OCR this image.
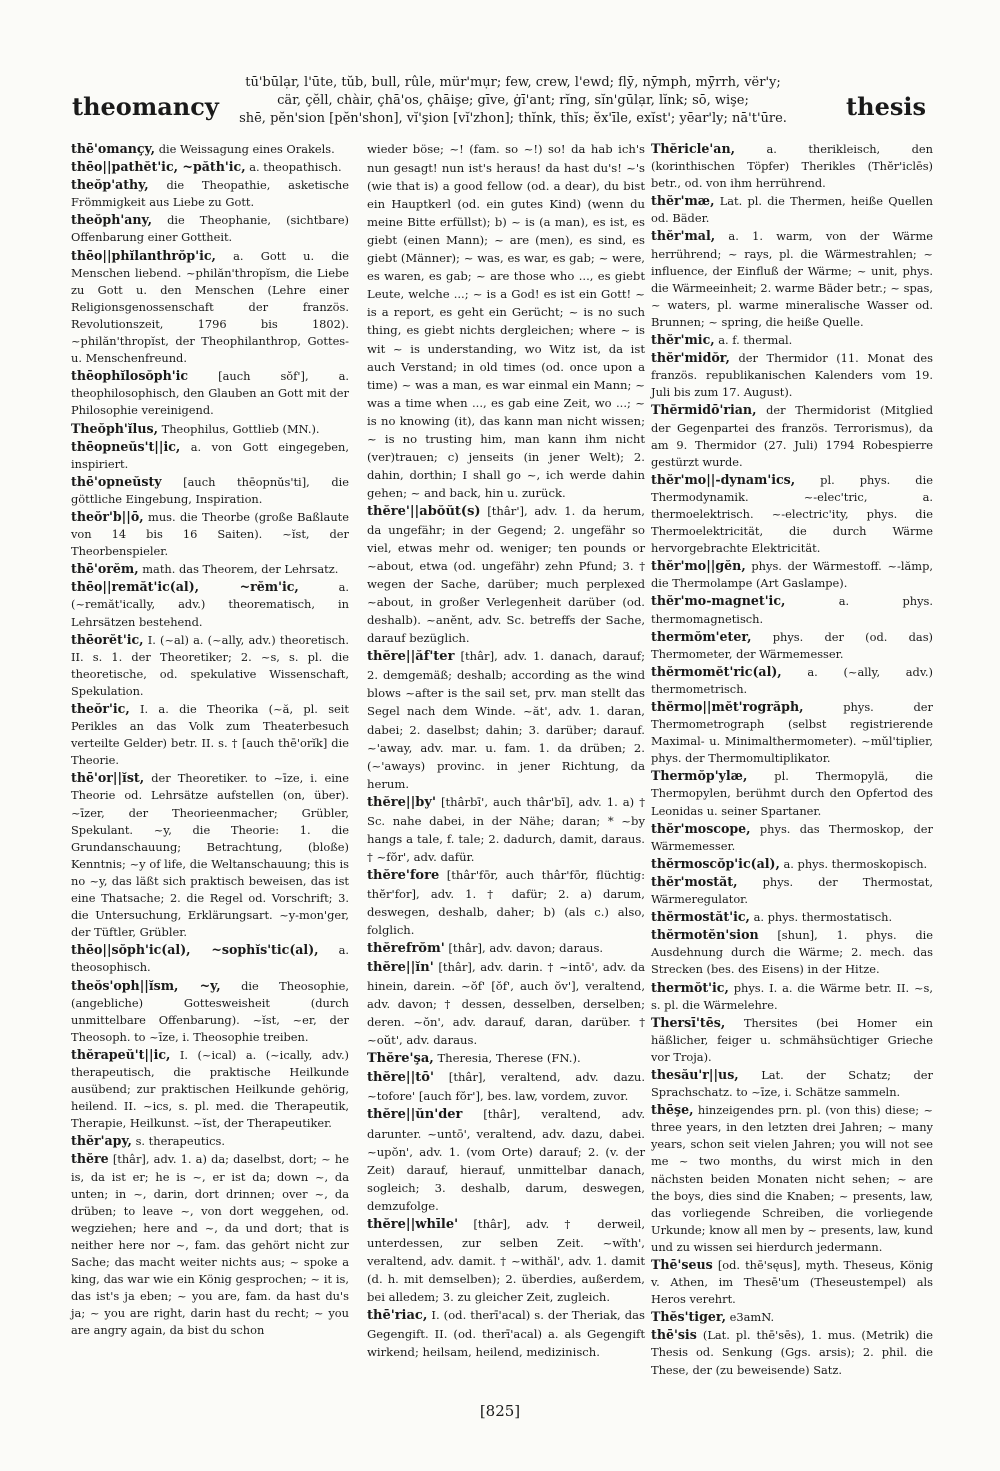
theomancy
tū'būlạr, l'ūte, tŭb, bull, rûle, mür'mụr; few, crew, l'ewd; flȳ, nȳmph, mȳ̈rrh, vër'y;
cär, çĕll, chàir, çhā'os, çhāişe; gīve, ġī'ant; rĭng, sĭn'gūlạr, lĭnk; sō, wişe;
shē, pĕn'sion [pĕn'shon], vĭ'şion [vĭ'zhon]; thĭnk, thĭs; ĕx'īle, exĭst'; yēar'ly; nā't'ūre.	thesis

thē'omançy, die Weissagung eines Orakels.

thēo||pathĕt'ic, ~păth'ic, a. theopathisch.

theŏp'athy, die Theopathie, asketische Frömmigkeit aus Liebe zu Gott.

theŏph'any, die Theophanie, (sichtbare) Offenbarung einer Gottheit.

thēo||phĭlanthrŏp'ic, a. Gott u. die Menschen liebend. ~philăn'thropĭsm, die Liebe zu Gott u. den Menschen (Lehre einer Religionsgenossenschaft der französ. Revolutionszeit, 1796 bis 1802). ~philăn'thropĭst, der Theophilanthrop, Gottes- u. Menschenfreund.

thēophĭlosŏph'ic	[auch sŏf'], a. theophilosophisch, den Glauben an Gott mit der Philosophie vereinigend.

Theŏph'ĭlus, Theophilus, Gottlieb (MN.).

thēopneŭs't||ic, a. von Gott eingegeben, inspiriert.

thē'opneŭsty [auch thēopnŭs'ti], die göttliche Eingebung, Inspiration.

theŏr'b||ō, mus. die Theorbe (große Baßlaute von 14 bis 16 Saiten). ~ĭst, der Theorbenspieler.

thē'orĕm, math. das Theorem, der Lehrsatz.

thēo||remăt'ic(al), ~rĕm'ic,	a. (~remăt'ically, adv.) theorematisch, in Lehrsätzen bestehend.

thēorĕt'ic, I. (~al) a. (~ally, adv.) theoretisch. II. s. 1. der Theoretiker; 2. ~s, s. pl. die theoretische, od. spekulative Wissenschaft, Spekulation.

theŏr'ic, I. a. die Theorika (~ă, pl. seit Perikles an das Volk zum Theaterbesuch verteilte Gelder) betr. II. s. † [auch thē'orĭk] die Theorie.

thē'or||ĭst, der Theoretiker. to ~īze, i. eine Theorie od. Lehrsätze aufstellen (on, über). ~īzer, der Theorieenmacher; Grübler, Spekulant. ~y, die Theorie: 1. die Grundanschauung; Betrachtung, (bloße) Kenntnis; ~y of life, die Weltanschauung; this is no ~y, das läßt sich praktisch beweisen, das ist eine Thatsache; 2. die Regel od. Vorschrift; 3. die Untersuchung, Erklärungsart. ~y-mon'ger, der Tüftler, Grübler.

thēo||sŏph'ic(al), ~sophĭs'tic(al), a. theosophisch.

theŏs'oph||ĭsm, ~y, die Theosophie, (angebliche) Gottesweisheit (durch unmittelbare Offenbarung). ~ĭst, ~er, der Theosoph. to ~īze, i. Theosophie treiben.

thĕrapeŭ't||ic, I. (~ical) a. (~ically, adv.) therapeutisch, die praktische Heilkunde ausübend; zur praktischen Heilkunde gehörig, heilend. II. ~ics, s. pl. med. die Therapeutik, Therapie, Heilkunst. ~ĭst, der Therapeutiker.

thĕr'apy, s. therapeutics.

thĕre [thâr], adv. 1. a) da; daselbst, dort; ~ he is, da ist er; he is ~, er ist da; down ~, da unten; in ~, darin, dort drinnen; over ~, da drüben; to leave ~, von dort weggehen, od. wegziehen; here and ~, da und dort; that is neither here nor ~, fam. das gehört nicht zur Sache; das macht weiter nichts aus; ~ spoke a king, das war wie ein König gesprochen; ~ it is, das ist's ja eben; ~ you are, fam. da hast du's ja; ~ you are right, darin hast du recht; ~ you are angry again, da bist du schon

wieder böse; ~! (fam. so ~!) so! da hab ich's nun gesagt! nun ist's heraus! da hast du's! ~'s (wie that is) a good fellow (od. a dear), du bist ein Hauptkerl (od. ein gutes Kind) (wenn du meine Bitte erfüllst); b) ~ is (a man), es ist, es giebt (einen Mann); ~ are (men), es sind, es giebt (Männer); ~ was, es war, es gab; ~ were, es waren, es gab; ~ are those who ..., es giebt Leute, welche ...; ~ is a God! es ist ein Gott! ~ is a report, es geht ein Gerücht; ~ is no such thing, es giebt nichts dergleichen; where ~ is wit ~ is understanding, wo Witz ist, da ist auch Verstand; in old times (od. once upon a time) ~ was a man, es war einmal ein Mann; ~ was a time when ..., es gab eine Zeit, wo ...; ~ is no knowing (it), das kann man nicht wissen; ~ is no trusting him, man kann ihm nicht (ver)trauen; c) jenseits (in jener Welt); 2. dahin, dorthin; I shall go ~, ich werde dahin gehen; ~ and back, hin u. zurück.

thĕre'||abŏŭt(s) [thâr'], adv. 1. da herum, da ungefähr; in der Gegend; 2. ungefähr so viel, etwas mehr od. weniger; ten pounds or ~about, etwa (od. ungefähr) zehn Pfund; 3. † wegen der Sache, darüber; much perplexed ~about, in großer Verlegenheit darüber (od. deshalb). ~anĕnt, adv. Sc. betreffs der Sache, darauf bezüglich.

thĕre||ăf'ter [thâr], adv. 1. danach, darauf; 2. demgemäß; deshalb; according as the wind blows ~after is the sail set, prv. man stellt das Segel nach dem Winde. ~ăt', adv. 1. daran, dabei; 2. daselbst; dahin; 3. darüber; darauf. ~'away, adv. mar. u. fam. 1. da drüben; 2. (~'aways) provinc. in jener Richtung, da herum.

thĕre||by' [thârbī', auch thâr'bī], adv. 1. a) † Sc. nahe dabei, in der Nähe; daran; * ~by hangs a tale, f. tale; 2. dadurch, damit, daraus. † ~fŏr', adv. dafür.

thĕre'fore [thâr'fōr, auch thâr'fōr, flüchtig: thĕr'for], adv. 1. † dafür; 2. a) darum, deswegen, deshalb, daher; b) (als c.) also, folglich.

thĕrefrŏm' [thâr], adv. davon; daraus.

thĕre||ĭn' [thâr], adv. darin. † ~intō', adv. da hinein, darein. ~ŏf' [ŏf', auch ŏv'], veraltend, adv. davon; † dessen, desselben, derselben; deren. ~ŏn', adv. darauf, daran, darüber. † ~oŭt', adv. daraus.

Thĕre'şa, Theresia, Therese (FN.).

thĕre||tō' [thâr], veraltend, adv. dazu. ~tofore' [auch fŏr'], bes. law, vordem, zuvor.

thĕre||ŭn'der [thâr], veraltend, adv. darunter. ~untō', veraltend, adv. dazu, dabei. ~upŏn', adv. 1. (vom Orte) darauf; 2. (v. der Zeit) darauf, hierauf, unmittelbar danach, sogleich; 3. deshalb, darum, deswegen, demzufolge.

thĕre||whīle' [thâr], adv. † derweil, unterdessen, zur selben Zeit. ~wĭth', veraltend, adv. damit. † ~withăl', adv. 1. damit (d. h. mit demselben); 2. überdies, außerdem, bei alledem; 3. zu gleicher Zeit, zugleich.

thē'riac, I. (od. therī'acal) s. der Theriak, das Gegengift. II. (od. therī'acal) a. als Gegengift wirkend; heilsam, heilend, medizinisch.

Thĕricle'an,	a. therikleisch, den (korinthischen Töpfer) Therikles (Thĕr'iclēs) betr., od. von ihm herrührend.

thĕr'mæ, Lat. pl. die Thermen, heiße Quellen od. Bäder.

thĕr'mal, a. 1. warm, von der Wärme herrührend; ~ rays, pl. die Wärmestrahlen; ~ influence, der Einfluß der Wärme; ~ unit, phys. die Wärmeeinheit; 2. warme Bäder betr.; ~ spas, ~ waters, pl. warme mineralische Wasser od. Brunnen; ~ spring, die heiße Quelle.

thĕr'mic, a. f. thermal.

thĕr'midŏr, der Thermidor (11. Monat des französ. republikanischen Kalenders vom 19. Juli bis zum 17. August).

Thĕrmidō'rian, der Thermidorist (Mitglied der Gegenpartei des französ. Terrorismus), da am 9. Thermidor (27. Juli) 1794 Robespierre gestürzt wurde.

thĕr'mo||-dynam'ics, pl. phys. die Thermodynamik. ~-elec'tric, a. thermoelektrisch. ~-electric'ity, phys. die Thermoelektricität, die durch Wärme hervorgebrachte Elektricität.

thĕr'mo||gĕn, phys. der Wärmestoff. ~-lămp, die Thermolampe (Art Gaslampe).

thĕr'mo-magnet'ic,	a. phys. thermomagnetisch.

thermŏm'eter, phys. der (od. das) Thermometer, der Wärmemesser.

thĕrmomĕt'ric(al), a. (~ally, adv.) thermometrisch.

thĕrmo||mĕt'rogrăph,	phys. der Thermometrograph (selbst registrierende Maximal- u. Minimalthermometer). ~mŭl'tiplier, phys. der Thermomultiplikator.

Thermŏp'ylæ, pl. Thermopylä, die Thermopylen, berühmt durch den Opfertod des Leonidas u. seiner Spartaner.

thĕr'moscope, phys. das Thermoskop, der Wärmemesser.

thĕrmoscŏp'ic(al), a. phys. thermoskopisch.

thĕr'mostăt, phys. der Thermostat, Wärmeregulator.

thĕrmostăt'ic, a. phys. thermostatisch.

thĕrmotĕn'sion [shun], 1. phys. die Ausdehnung durch die Wärme; 2. mech. das Strecken (bes. des Eisens) in der Hitze.

thermŏt'ic, phys. I. a. die Wärme betr. II. ~s, s. pl. die Wärmelehre.

Thersī'tēs, Thersites (bei Homer ein häßlicher, feiger u. schmähsüchtiger Grieche vor Troja).

thesău'r||us, Lat. der Schatz; der Sprachschatz. to ~īze, i. Schätze sammeln.

thēşe, hinzeigendes prn. pl. (von this) diese; ~ three years, in den letzten drei Jahren; ~ many years, schon seit vielen Jahren; you will not see me ~ two months, du wirst mich in den nächsten beiden Monaten nicht sehen; ~ are the boys, dies sind die Knaben; ~ presents, law, das vorliegende Schreiben, die vorliegende Urkunde; know all men by ~ presents, law, kund und zu wissen sei hierdurch jedermann.

Thē'seus [od. thē'sęus], myth. Theseus, König v. Athen, im Thesē'um (Theseustempel) als Heros verehrt.

Thĕs'tiger, e3amN.

thē'sis (Lat. pl. thē'sēs), 1. mus. (Metrik) die Thesis od. Senkung (Ggs. arsis); 2. phil. die These, der (zu beweisende) Satz.

[825]
